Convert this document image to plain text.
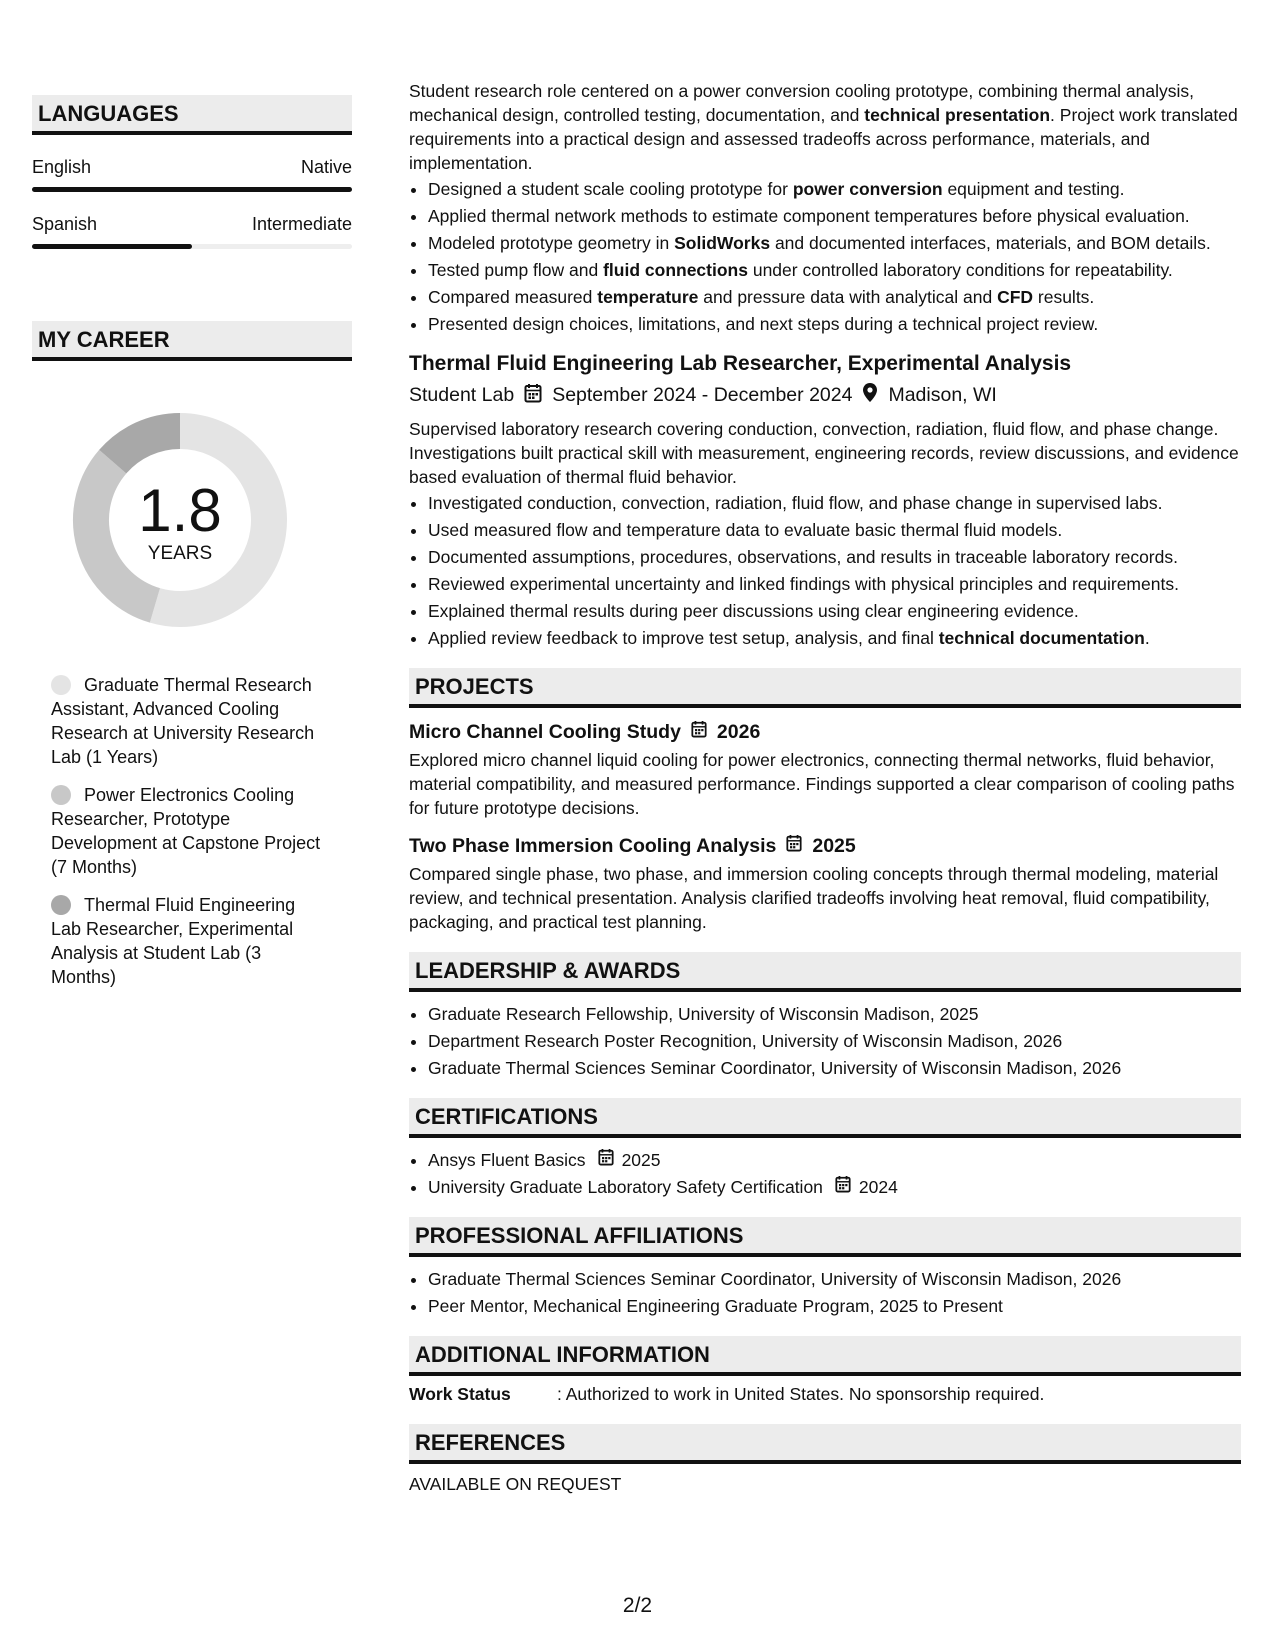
LANGUAGES
English	Native
Spanish	Intermediate
MY CAREER
1.8
YEARS
Graduate Thermal Research Assistant, Advanced Cooling Research at University Research Lab (1 Years)
Power Electronics Cooling Researcher, Prototype Development at Capstone Project (7 Months)
Thermal Fluid Engineering Lab Researcher, Experimental Analysis at Student Lab (3 Months)

Student research role centered on a power conversion cooling prototype, combining thermal analysis, mechanical design, controlled testing, documentation, and technical presentation. Project work translated requirements into a practical design and assessed tradeoffs across performance, materials, and implementation.

• Designed a student scale cooling prototype for power conversion equipment and testing.
• Applied thermal network methods to estimate component temperatures before physical evaluation.
• Modeled prototype geometry in SolidWorks and documented interfaces, materials, and BOM details.
• Tested pump flow and fluid connections under controlled laboratory conditions for repeatability.
• Compared measured temperature and pressure data with analytical and CFD results.
• Presented design choices, limitations, and next steps during a technical project review.
Thermal Fluid Engineering Lab Researcher, Experimental Analysis
Student Lab September 2024 - December 2024 Madison, WI

Supervised laboratory research covering conduction, convection, radiation, fluid flow, and phase change. Investigations built practical skill with measurement, engineering records, review discussions, and evidence based evaluation of thermal fluid behavior.

• Investigated conduction, convection, radiation, fluid flow, and phase change in supervised labs.
• Used measured flow and temperature data to evaluate basic thermal fluid models.
• Documented assumptions, procedures, observations, and results in traceable laboratory records.
• Reviewed experimental uncertainty and linked findings with physical principles and requirements.
• Explained thermal results during peer discussions using clear engineering evidence.
• Applied review feedback to improve test setup, analysis, and final technical documentation.
PROJECTS
Micro Channel Cooling Study 2026

Explored micro channel liquid cooling for power electronics, connecting thermal networks, fluid behavior, material compatibility, and measured performance. Findings supported a clear comparison of cooling paths for future prototype decisions.

Two Phase Immersion Cooling Analysis 2025

Compared single phase, two phase, and immersion cooling concepts through thermal modeling, material review, and technical presentation. Analysis clarified tradeoffs involving heat removal, fluid compatibility, packaging, and practical test planning.

LEADERSHIP & AWARDS
• Graduate Research Fellowship, University of Wisconsin Madison, 2025
• Department Research Poster Recognition, University of Wisconsin Madison, 2026
• Graduate Thermal Sciences Seminar Coordinator, University of Wisconsin Madison, 2026
CERTIFICATIONS
• Ansys Fluent Basics 2025
• University Graduate Laboratory Safety Certification 2024
PROFESSIONAL AFFILIATIONS
• Graduate Thermal Sciences Seminar Coordinator, University of Wisconsin Madison, 2026
• Peer Mentor, Mechanical Engineering Graduate Program, 2025 to Present
ADDITIONAL INFORMATION
Work Status	: Authorized to work in United States. No sponsorship required.
REFERENCES
AVAILABLE ON REQUEST
2/2
